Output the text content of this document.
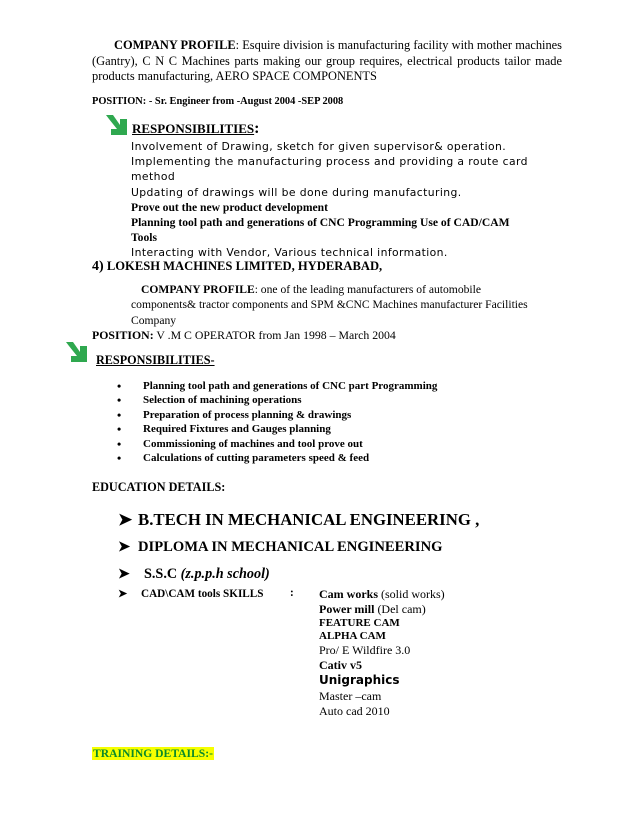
COMPANY PROFILE: Esquire division is manufacturing facility with mother machines (Gantry), C N C Machines parts making our group requires, electrical products tailor made products manufacturing, AERO SPACE COMPONENTS
POSITION: - Sr. Engineer from -August 2004 -SEP 2008
RESPONSIBILITIES:
Involvement of Drawing, sketch for given supervisor& operation.
Implementing the manufacturing process and providing a route card
method
Updating of drawings will be done during manufacturing.
Prove out the new product development
Planning tool path and generations of CNC Programming Use of CAD/CAM
Tools
Interacting with Vendor, Various technical information.
4) LOKESH MACHINES LIMITED, HYDERABAD,
COMPANY PROFILE: one of the leading manufacturers of automobile components& tractor components and SPM &CNC Machines manufacturer Facilities Company
POSITION: V .M C OPERATOR from Jan 1998 – March 2004
RESPONSIBILITIES-
• Planning tool path and generations of CNC part Programming
• Selection of machining operations
• Preparation of process planning & drawings
• Required Fixtures and Gauges planning
• Commissioning of machines and tool prove out
• Calculations of cutting parameters speed & feed
EDUCATION DETAILS:
➤ B.TECH IN MECHANICAL ENGINEERING ,
➤ DIPLOMA IN MECHANICAL ENGINEERING
➤ S.S.C (z.p.p.h school)
➤ CAD\CAM tools SKILLS : Cam works (solid works)
Power mill (Del cam)
FEATURE CAM
ALPHA CAM
Pro/ E Wildfire 3.0
Cativ v5
Unigraphics
Master –cam
Auto cad 2010
TRAINING DETAILS:-
